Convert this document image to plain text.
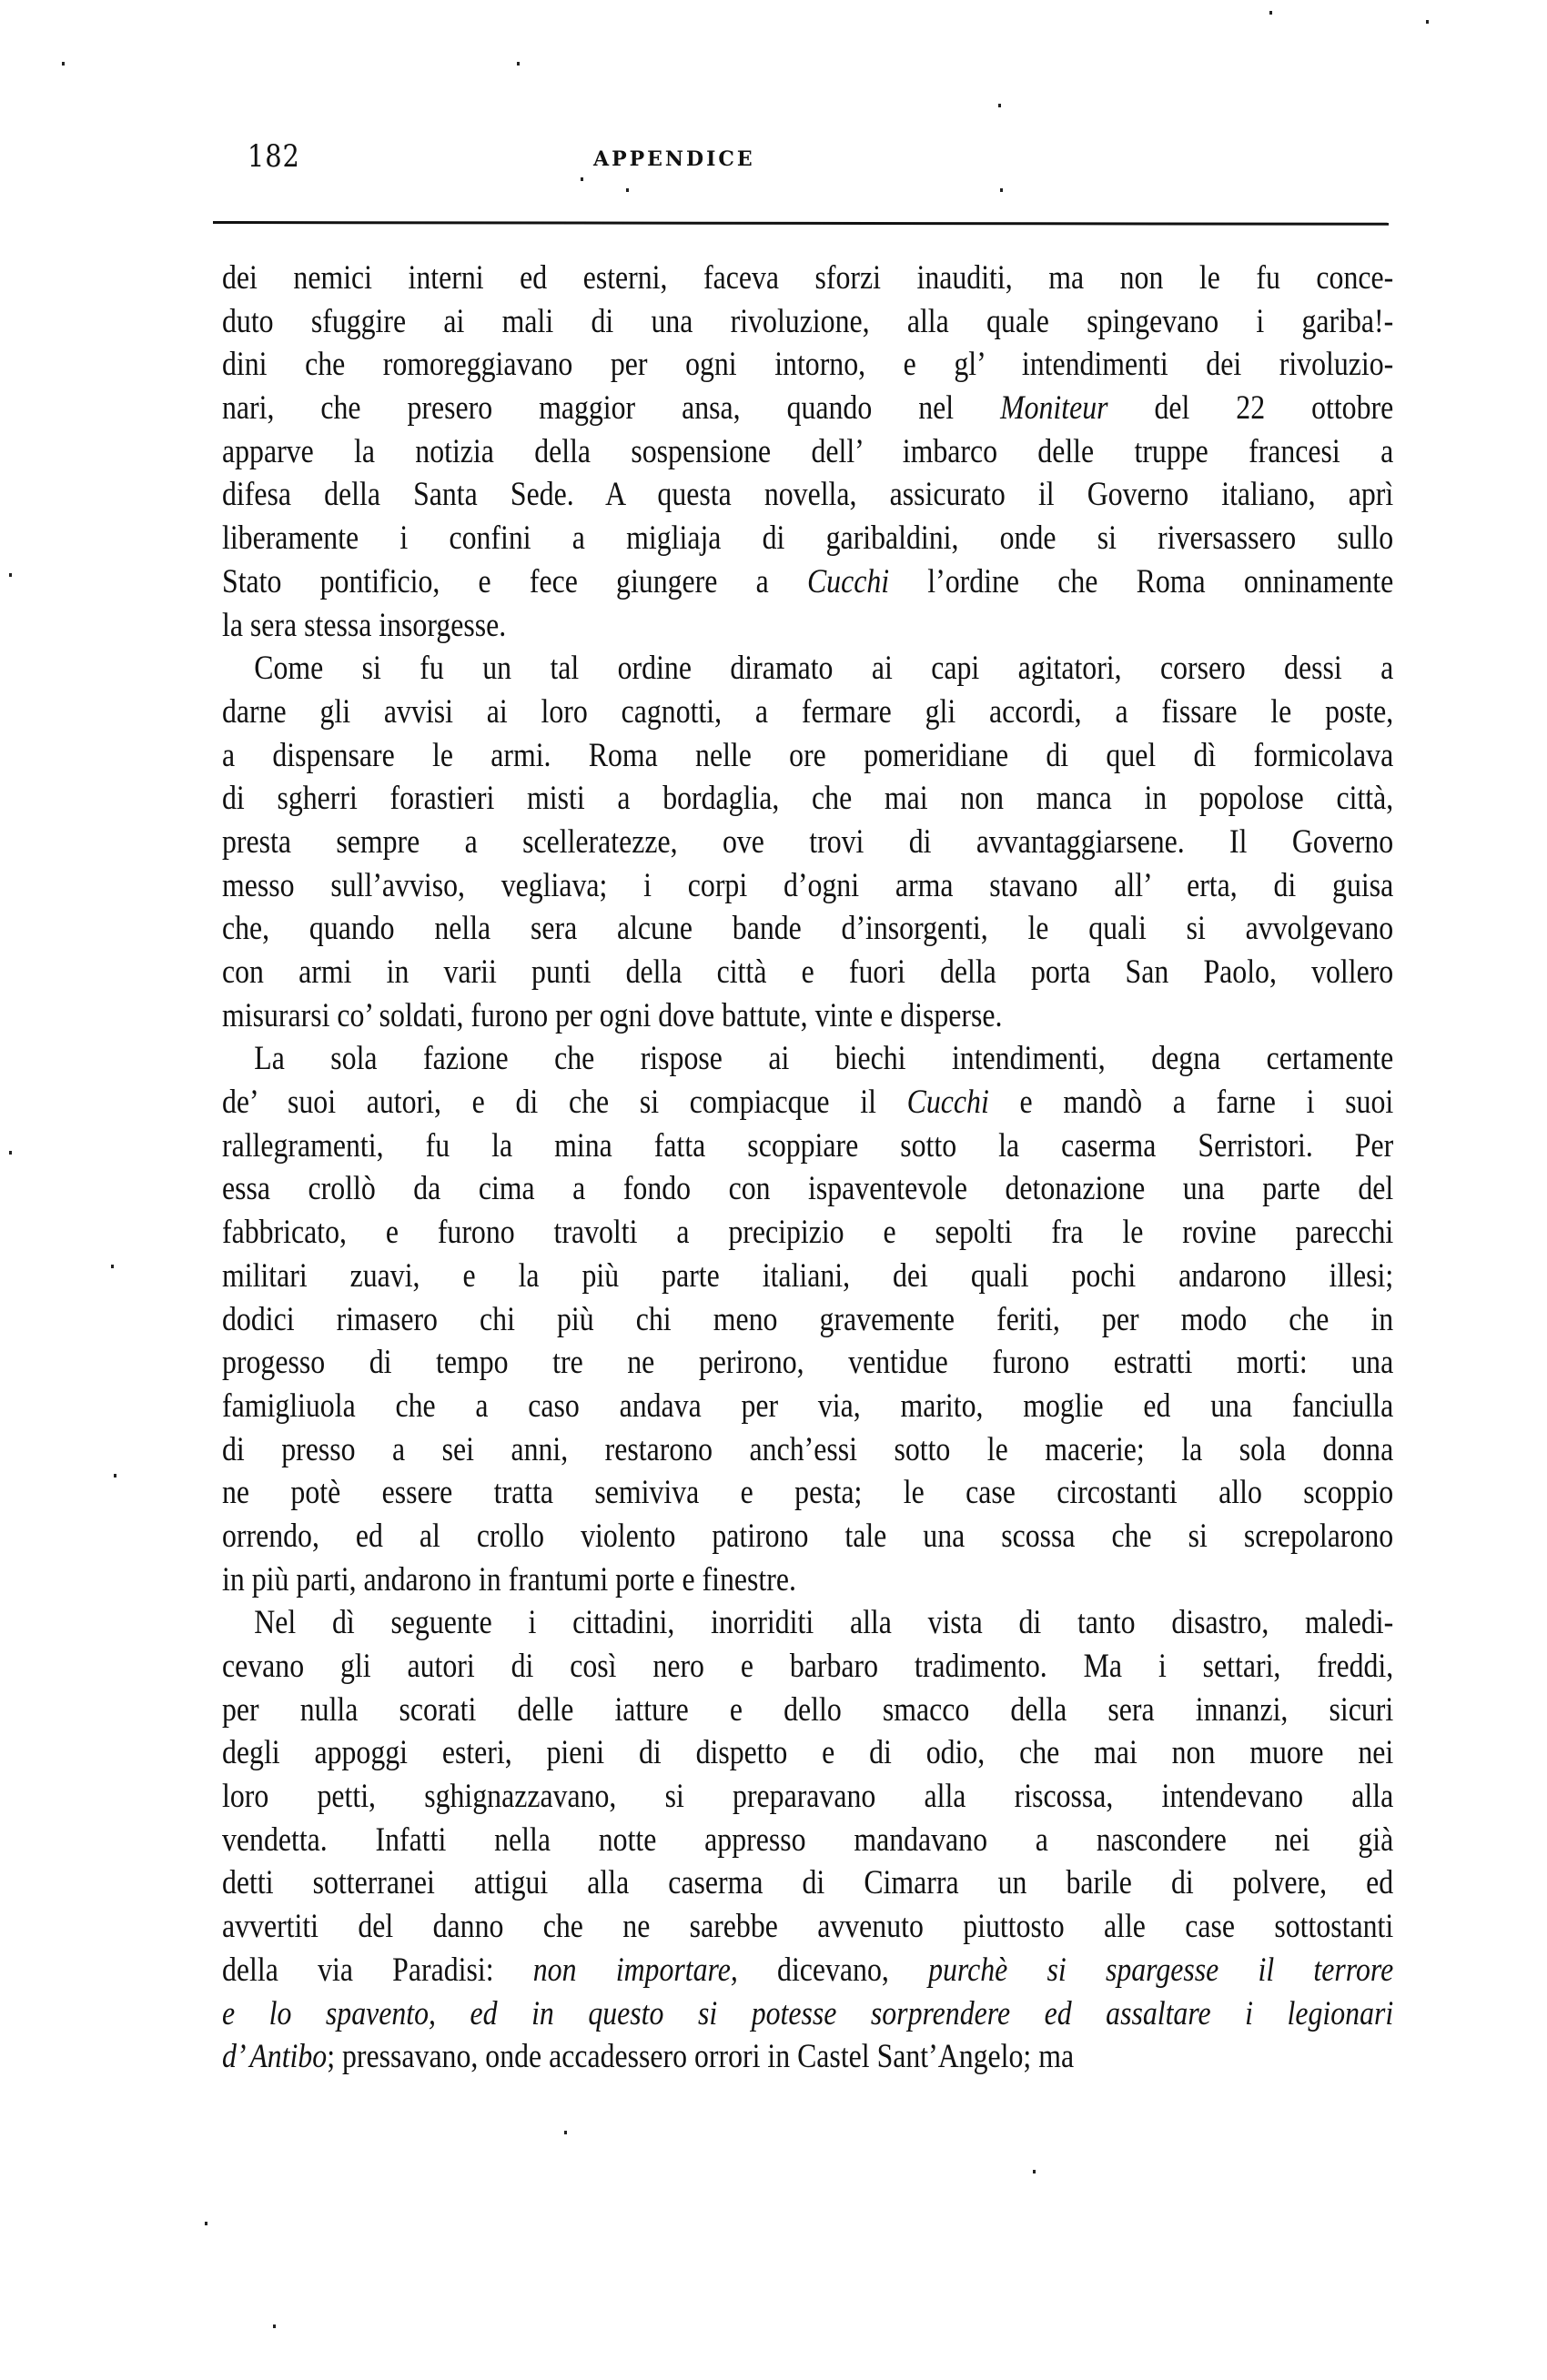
182	APPENDICE
dei nemici interni ed esterni, faceva sforzi inauditi, ma non le fu conce-
duto sfuggire ai mali di una rivoluzione, alla quale spingevano i gariba!-
dini che romoreggiavano per ogni intorno, e gl’ intendimenti dei rivoluzio-
nari, che presero maggior ansa, quando nel Moniteur del 22 ottobre
apparve la notizia della sospensione dell’ imbarco delle truppe francesi a
difesa della Santa Sede. A questa novella, assicurato il Governo italiano, aprì
liberamente i confini a migliaja di garibaldini, onde si riversassero sullo
Stato pontificio, e fece giungere a Cucchi l’ordine che Roma onninamente
la sera stessa insorgesse.
Come si fu un tal ordine diramato ai capi agitatori, corsero dessi a
darne gli avvisi ai loro cagnotti, a fermare gli accordi, a fissare le poste,
a dispensare le armi. Roma nelle ore pomeridiane di quel dì formicolava
di sgherri forastieri misti a bordaglia, che mai non manca in popolose città,
presta sempre a scelleratezze, ove trovi di avvantaggiarsene. Il Governo
messo sull’avviso, vegliava; i corpi d’ogni arma stavano all’ erta, di guisa
che, quando nella sera alcune bande d’insorgenti, le quali si avvolgevano
con armi in varii punti della città e fuori della porta San Paolo, vollero
misurarsi co’ soldati, furono per ogni dove battute, vinte e disperse.
La sola fazione che rispose ai biechi intendimenti, degna certamente
de’ suoi autori, e di che si compiacque il Cucchi e mandò a farne i suoi
rallegramenti, fu la mina fatta scoppiare sotto la caserma Serristori. Per
essa crollò da cima a fondo con ispaventevole detonazione una parte del
fabbricato, e furono travolti a precipizio e sepolti fra le rovine parecchi
militari zuavi, e la più parte italiani, dei quali pochi andarono illesi;
dodici rimasero chi più chi meno gravemente feriti, per modo che in
progesso di tempo tre ne perirono, ventidue furono estratti morti: una
famigliuola che a caso andava per via, marito, moglie ed una fanciulla
di presso a sei anni, restarono anch’essi sotto le macerie; la sola donna
ne potè essere tratta semiviva e pesta; le case circostanti allo scoppio
orrendo, ed al crollo violento patirono tale una scossa che si screpolarono
in più parti, andarono in frantumi porte e finestre.
Nel dì seguente i cittadini, inorriditi alla vista di tanto disastro, maledi-
cevano gli autori di così nero e barbaro tradimento. Ma i settari, freddi,
per nulla scorati delle iatture e dello smacco della sera innanzi, sicuri
degli appoggi esteri, pieni di dispetto e di odio, che mai non muore nei
loro petti, sghignazzavano, si preparavano alla riscossa, intendevano alla
vendetta. Infatti nella notte appresso mandavano a nascondere nei già
detti sotterranei attigui alla caserma di Cimarra un barile di polvere, ed
avvertiti del danno che ne sarebbe avvenuto piuttosto alle case sottostanti
della via Paradisi: non importare, dicevano, purchè si spargesse il terrore
e lo spavento, ed in questo si potesse sorprendere ed assaltare i legionari
d’ Antibo; pressavano, onde accadessero orrori in Castel Sant’Angelo; ma
